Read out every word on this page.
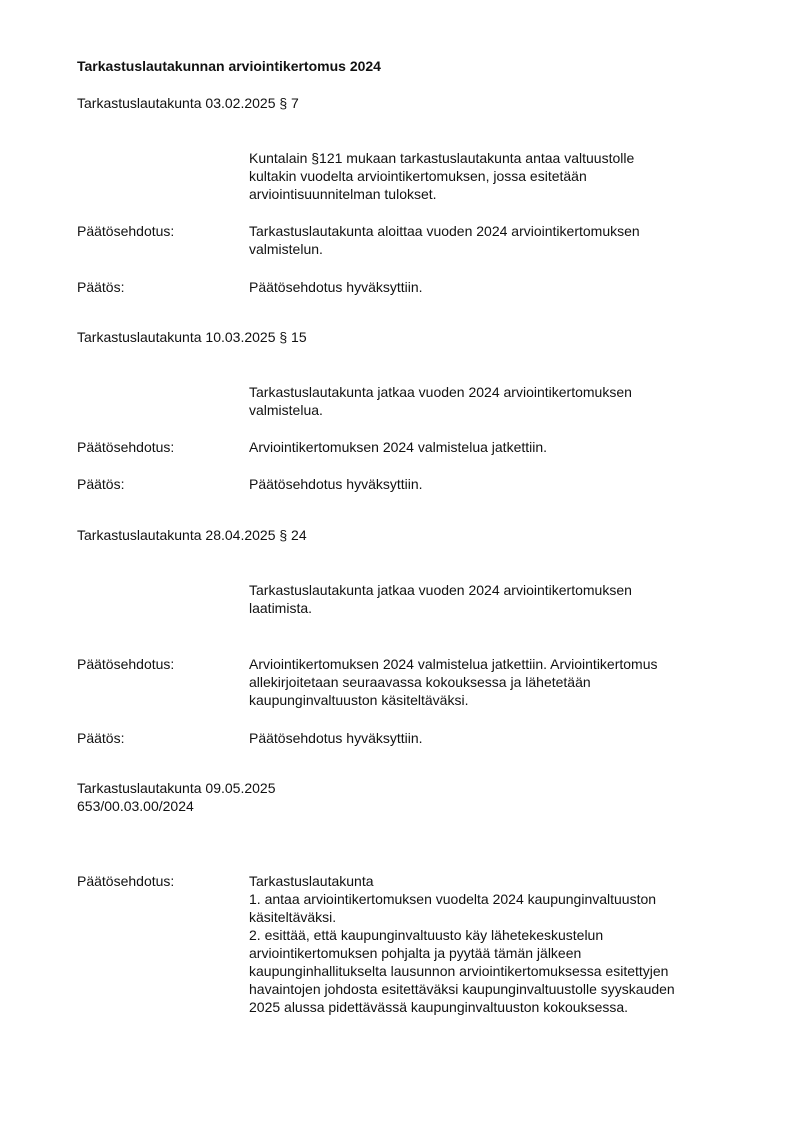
Tarkastuslautakunnan arviointikertomus 2024
Tarkastuslautakunta 03.02.2025 § 7
Kuntalain §121 mukaan tarkastuslautakunta antaa valtuustolle
kultakin vuodelta arviointikertomuksen, jossa esitetään
arviointisuunnitelman tulokset.
Päätösehdotus:	Tarkastuslautakunta aloittaa vuoden 2024 arviointikertomuksen
valmistelun.
Päätös:	Päätösehdotus hyväksyttiin.
Tarkastuslautakunta 10.03.2025 § 15
Tarkastuslautakunta jatkaa vuoden 2024 arviointikertomuksen
valmistelua.
Päätösehdotus:	Arviointikertomuksen 2024 valmistelua jatkettiin.
Päätös:	Päätösehdotus hyväksyttiin.
Tarkastuslautakunta 28.04.2025 § 24
Tarkastuslautakunta jatkaa vuoden 2024 arviointikertomuksen
laatimista.
Päätösehdotus:	Arviointikertomuksen 2024 valmistelua jatkettiin. Arviointikertomus
allekirjoitetaan seuraavassa kokouksessa ja lähetetään
kaupunginvaltuuston käsiteltäväksi.
Päätös:	Päätösehdotus hyväksyttiin.
Tarkastuslautakunta 09.05.2025
653/00.03.00/2024
Päätösehdotus:	Tarkastuslautakunta
1. antaa arviointikertomuksen vuodelta 2024 kaupunginvaltuuston
käsiteltäväksi.
2. esittää, että kaupunginvaltuusto käy lähetekeskustelun
arviointikertomuksen pohjalta ja pyytää tämän jälkeen
kaupunginhallitukselta lausunnon arviointikertomuksessa esitettyjen
havaintojen johdosta esitettäväksi kaupunginvaltuustolle syyskauden
2025 alussa pidettävässä kaupunginvaltuuston kokouksessa.
